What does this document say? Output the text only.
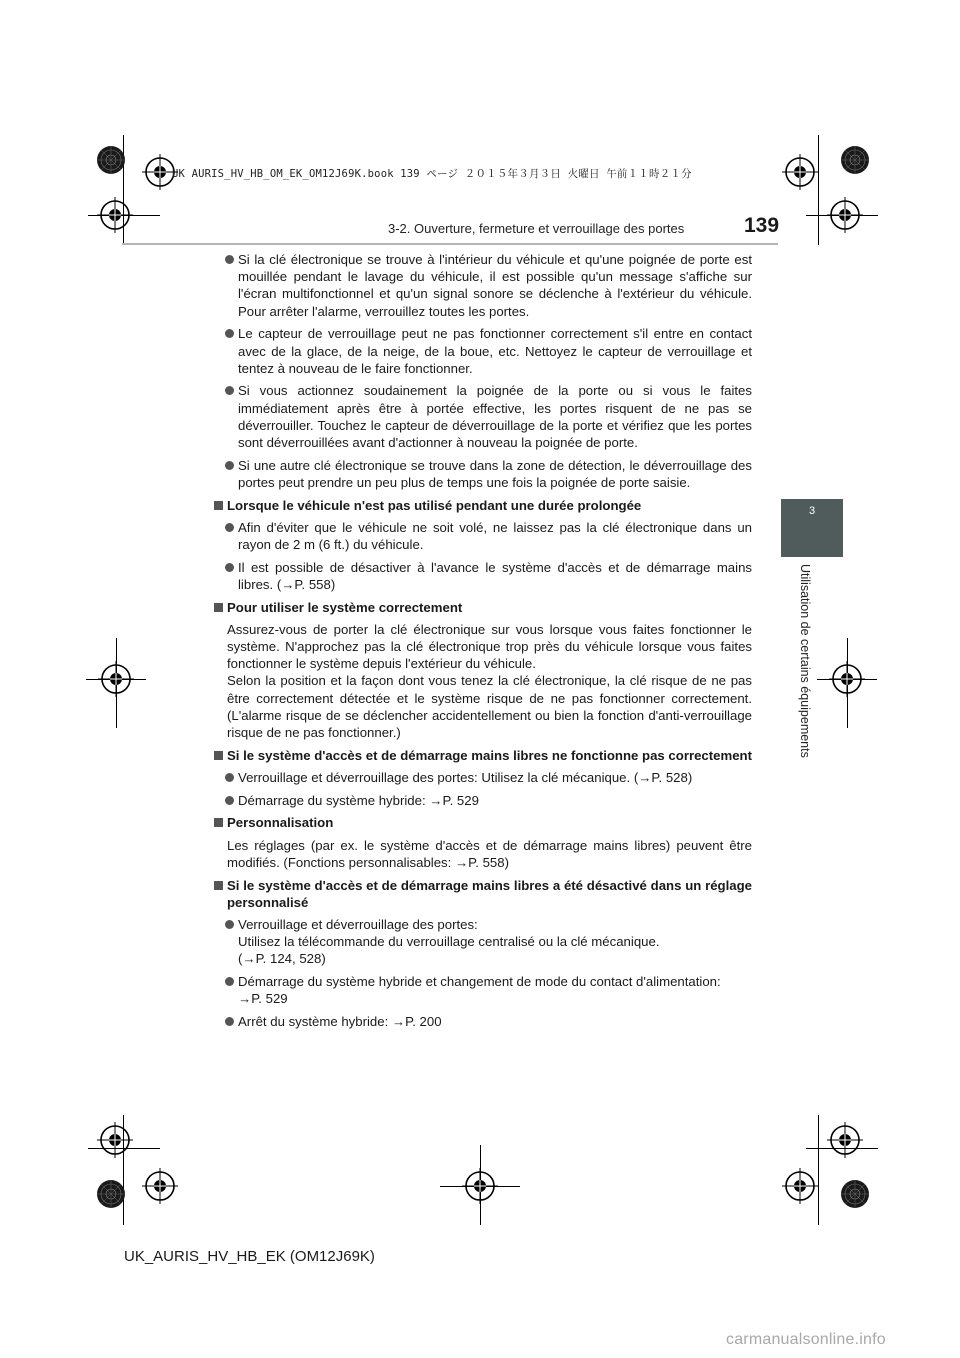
UK AURIS_HV_HB_OM_EK_OM12J69K.book 139 ページ ２０１５年３月３日 火曜日 午前１１時２１分
3-2. Ouverture, fermeture et verrouillage des portes	139
3
Utilisation de certains équipements
Si la clé électronique se trouve à l'intérieur du véhicule et qu'une poignée de porte est mouillée pendant le lavage du véhicule, il est possible qu'un message s'affiche sur l'écran multifonctionnel et qu'un signal sonore se déclenche à l'extérieur du véhicule. Pour arrêter l'alarme, verrouillez toutes les portes.
Le capteur de verrouillage peut ne pas fonctionner correctement s'il entre en contact avec de la glace, de la neige, de la boue, etc. Nettoyez le capteur de verrouillage et tentez à nouveau de le faire fonctionner.
Si vous actionnez soudainement la poignée de la porte ou si vous le faites immédiatement après être à portée effective, les portes risquent de ne pas se déverrouiller. Touchez le capteur de déverrouillage de la porte et vérifiez que les portes sont déverrouillées avant d'actionner à nouveau la poignée de porte.
Si une autre clé électronique se trouve dans la zone de détection, le déverrouillage des portes peut prendre un peu plus de temps une fois la poignée de porte saisie.
Lorsque le véhicule n'est pas utilisé pendant une durée prolongée
Afin d'éviter que le véhicule ne soit volé, ne laissez pas la clé électronique dans un rayon de 2 m (6 ft.) du véhicule.
Il est possible de désactiver à l'avance le système d'accès et de démarrage mains libres. (→P. 558)
Pour utiliser le système correctement
Assurez-vous de porter la clé électronique sur vous lorsque vous faites fonctionner le système. N'approchez pas la clé électronique trop près du véhicule lorsque vous faites fonctionner le système depuis l'extérieur du véhicule.
Selon la position et la façon dont vous tenez la clé électronique, la clé risque de ne pas être correctement détectée et le système risque de ne pas fonctionner correctement. (L'alarme risque de se déclencher accidentellement ou bien la fonction d'anti-verrouillage risque de ne pas fonctionner.)
Si le système d'accès et de démarrage mains libres ne fonctionne pas correctement
Verrouillage et déverrouillage des portes: Utilisez la clé mécanique. (→P. 528)
Démarrage du système hybride: →P. 529
Personnalisation
Les réglages (par ex. le système d'accès et de démarrage mains libres) peuvent être modifiés. (Fonctions personnalisables: →P. 558)
Si le système d'accès et de démarrage mains libres a été désactivé dans un réglage personnalisé
Verrouillage et déverrouillage des portes:
Utilisez la télécommande du verrouillage centralisé ou la clé mécanique.
(→P. 124, 528)
Démarrage du système hybride et changement de mode du contact d'alimentation:
→P. 529
Arrêt du système hybride: →P. 200
UK_AURIS_HV_HB_EK (OM12J69K)
carmanualsonline.info
